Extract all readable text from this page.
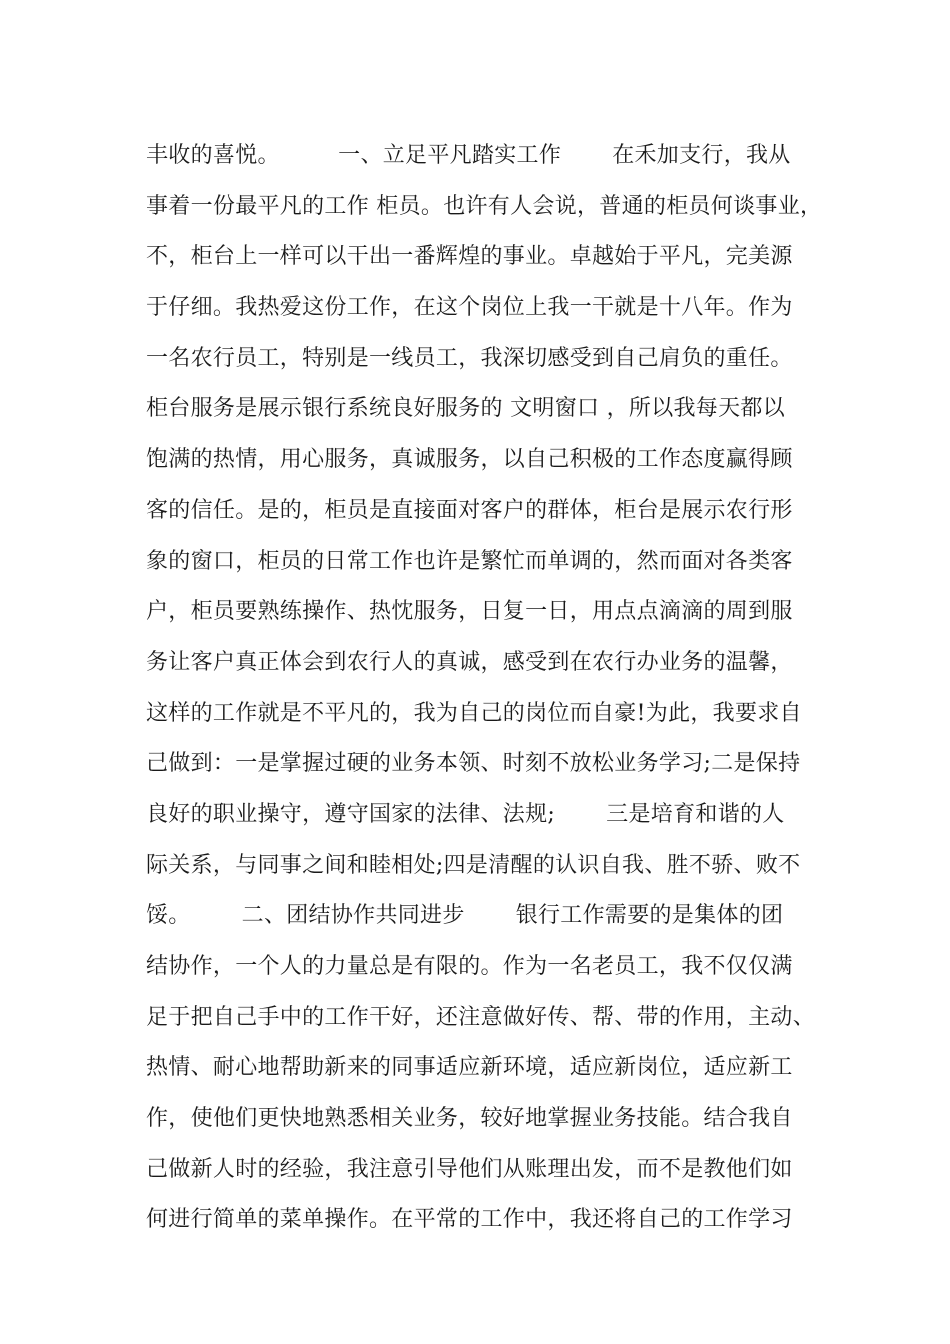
丰收的喜悦。        一、立足平凡踏实工作       在禾加支行，我从
事着一份最平凡的工作 柜员。也许有人会说，普通的柜员何谈事业，
不，柜台上一样可以干出一番辉煌的事业。卓越始于平凡，完美源
于仔细。我热爱这份工作，在这个岗位上我一干就是十八年。作为
一名农行员工，特别是一线员工，我深切感受到自己肩负的重任。
柜台服务是展示银行系统良好服务的 文明窗口 ，所以我每天都以
饱满的热情，用心服务，真诚服务，以自己积极的工作态度赢得顾
客的信任。是的，柜员是直接面对客户的群体，柜台是展示农行形
象的窗口，柜员的日常工作也许是繁忙而单调的，然而面对各类客
户，柜员要熟练操作、热忱服务，日复一日，用点点滴滴的周到服
务让客户真正体会到农行人的真诚，感受到在农行办业务的温馨，
这样的工作就是不平凡的，我为自己的岗位而自豪!为此，我要求自
己做到：一是掌握过硬的业务本领、时刻不放松业务学习;二是保持
良好的职业操守，遵守国家的法律、法规;       三是培育和谐的人
际关系，与同事之间和睦相处;四是清醒的认识自我、胜不骄、败不
馁。       二、团结协作共同进步       银行工作需要的是集体的团
结协作，一个人的力量总是有限的。作为一名老员工，我不仅仅满
足于把自己手中的工作干好，还注意做好传、帮、带的作用，主动、
热情、耐心地帮助新来的同事适应新环境，适应新岗位，适应新工
作，使他们更快地熟悉相关业务，较好地掌握业务技能。结合我自
己做新人时的经验，我注意引导他们从账理出发，而不是教他们如
何进行简单的菜单操作。在平常的工作中，我还将自己的工作学习
